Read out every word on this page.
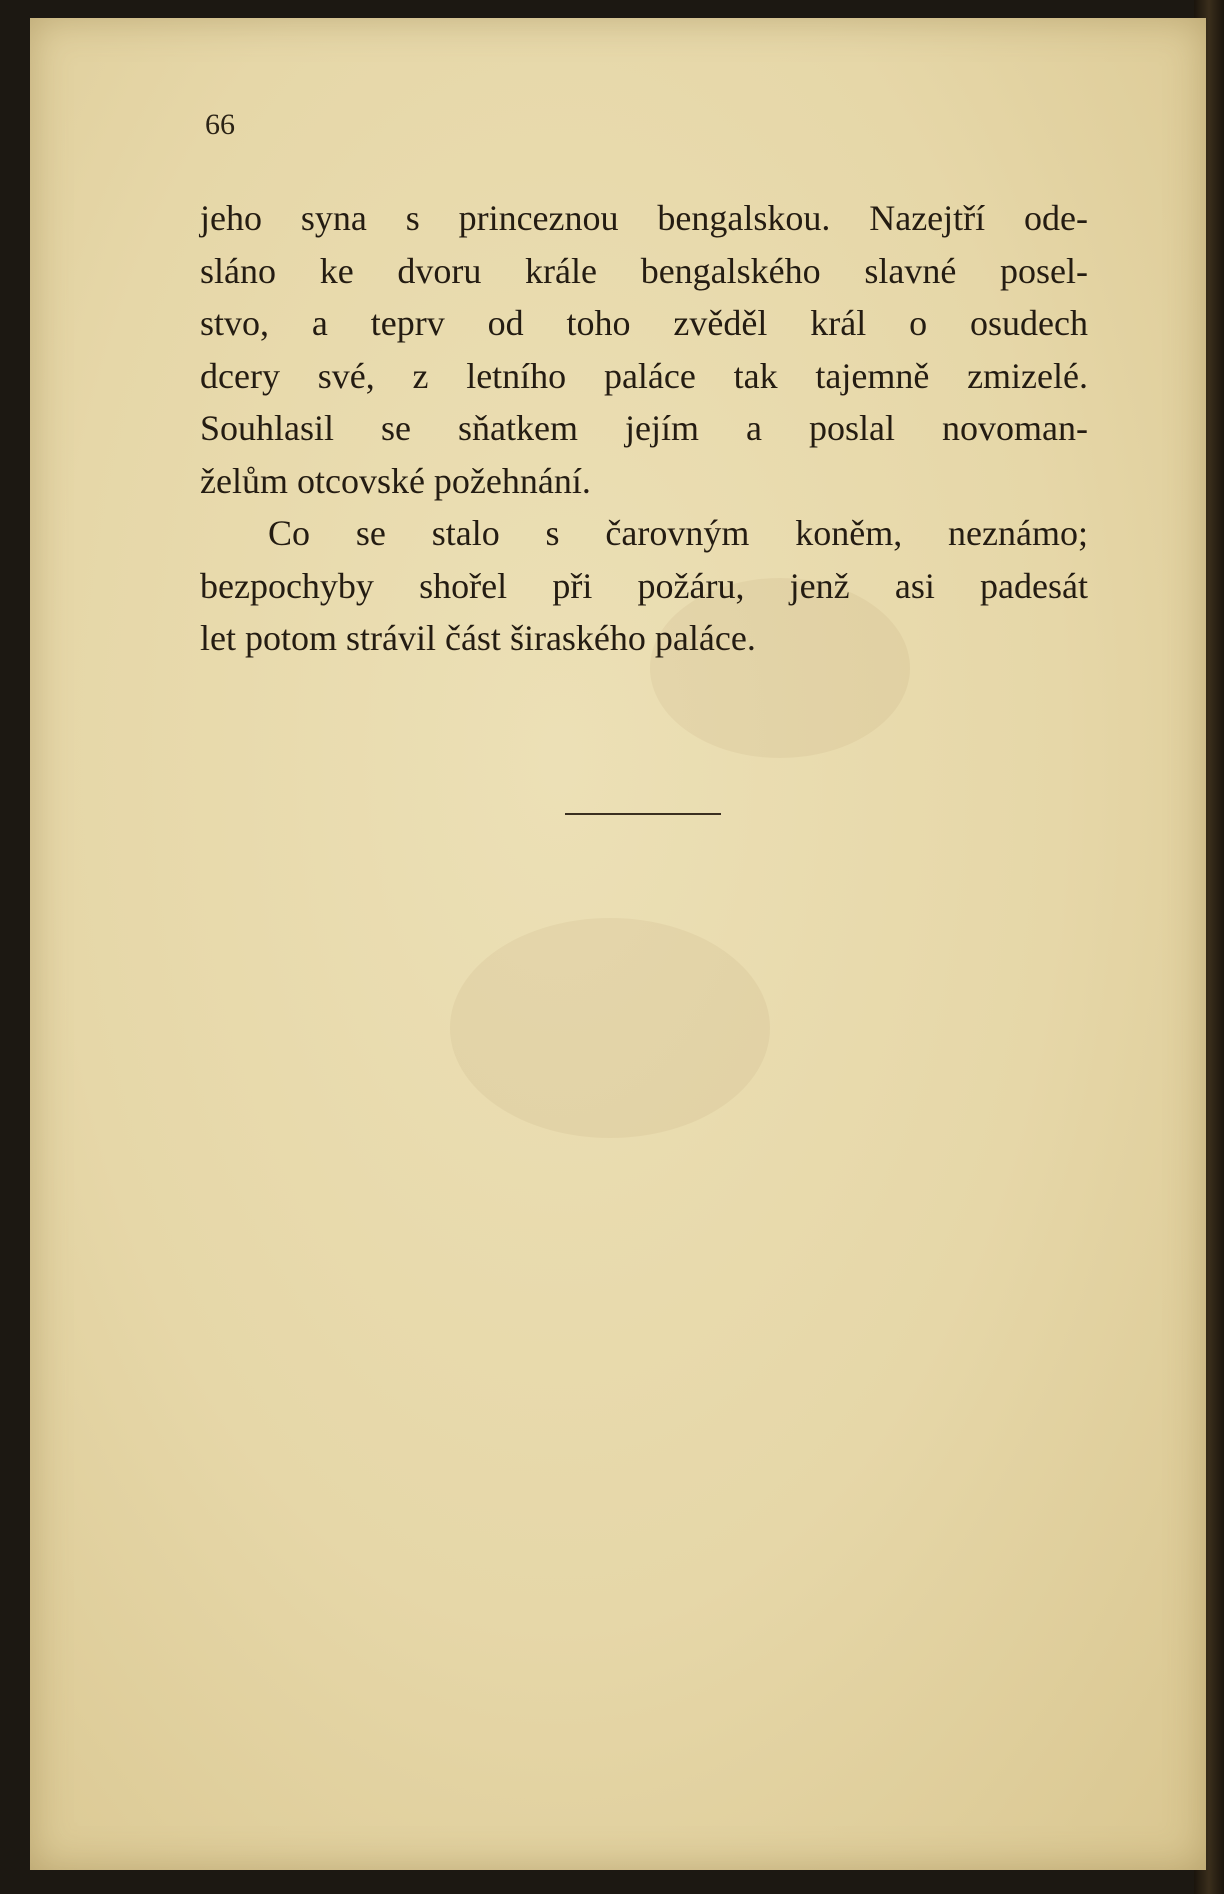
66
jeho syna s princeznou bengalskou. Nazejtří ode-
sláno ke dvoru krále bengalského slavné posel-
stvo, a teprv od toho zvěděl král o osudech
dcery své, z letního paláce tak tajemně zmizelé.
Souhlasil se sňatkem jejím a poslal novoman-
želům otcovské požehnání.
Co se stalo s čarovným koněm, neznámo;
bezpochyby shořel při požáru, jenž asi padesát
let potom strávil část širaského paláce.
